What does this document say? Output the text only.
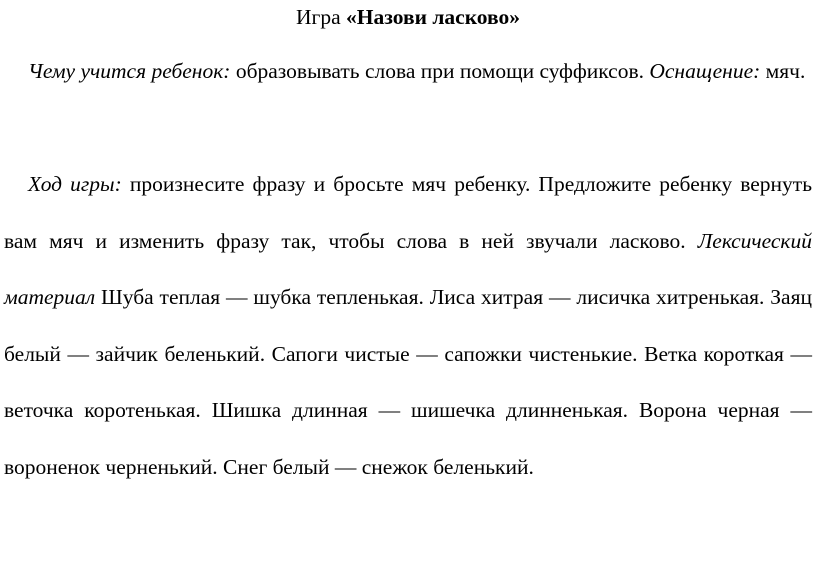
Игра «Назови ласково»

Чему учится ребенок: образовывать слова при помощи суффиксов. Оснащение: мяч.

Ход игры: произнесите фразу и бросьте мяч ребенку. Предложите ребенку вернуть вам мяч и изменить фразу так, чтобы слова в ней звучали ласково. Лексический материал Шуба теплая — шубка тепленькая. Лиса хитрая — лисичка хитренькая. Заяц белый — зайчик беленький. Сапоги чистые — сапожки чистенькие. Ветка короткая — веточка коротенькая. Шишка длинная — шишечка длинненькая. Ворона черная — вороненок черненький. Снег белый — снежок беленький.
